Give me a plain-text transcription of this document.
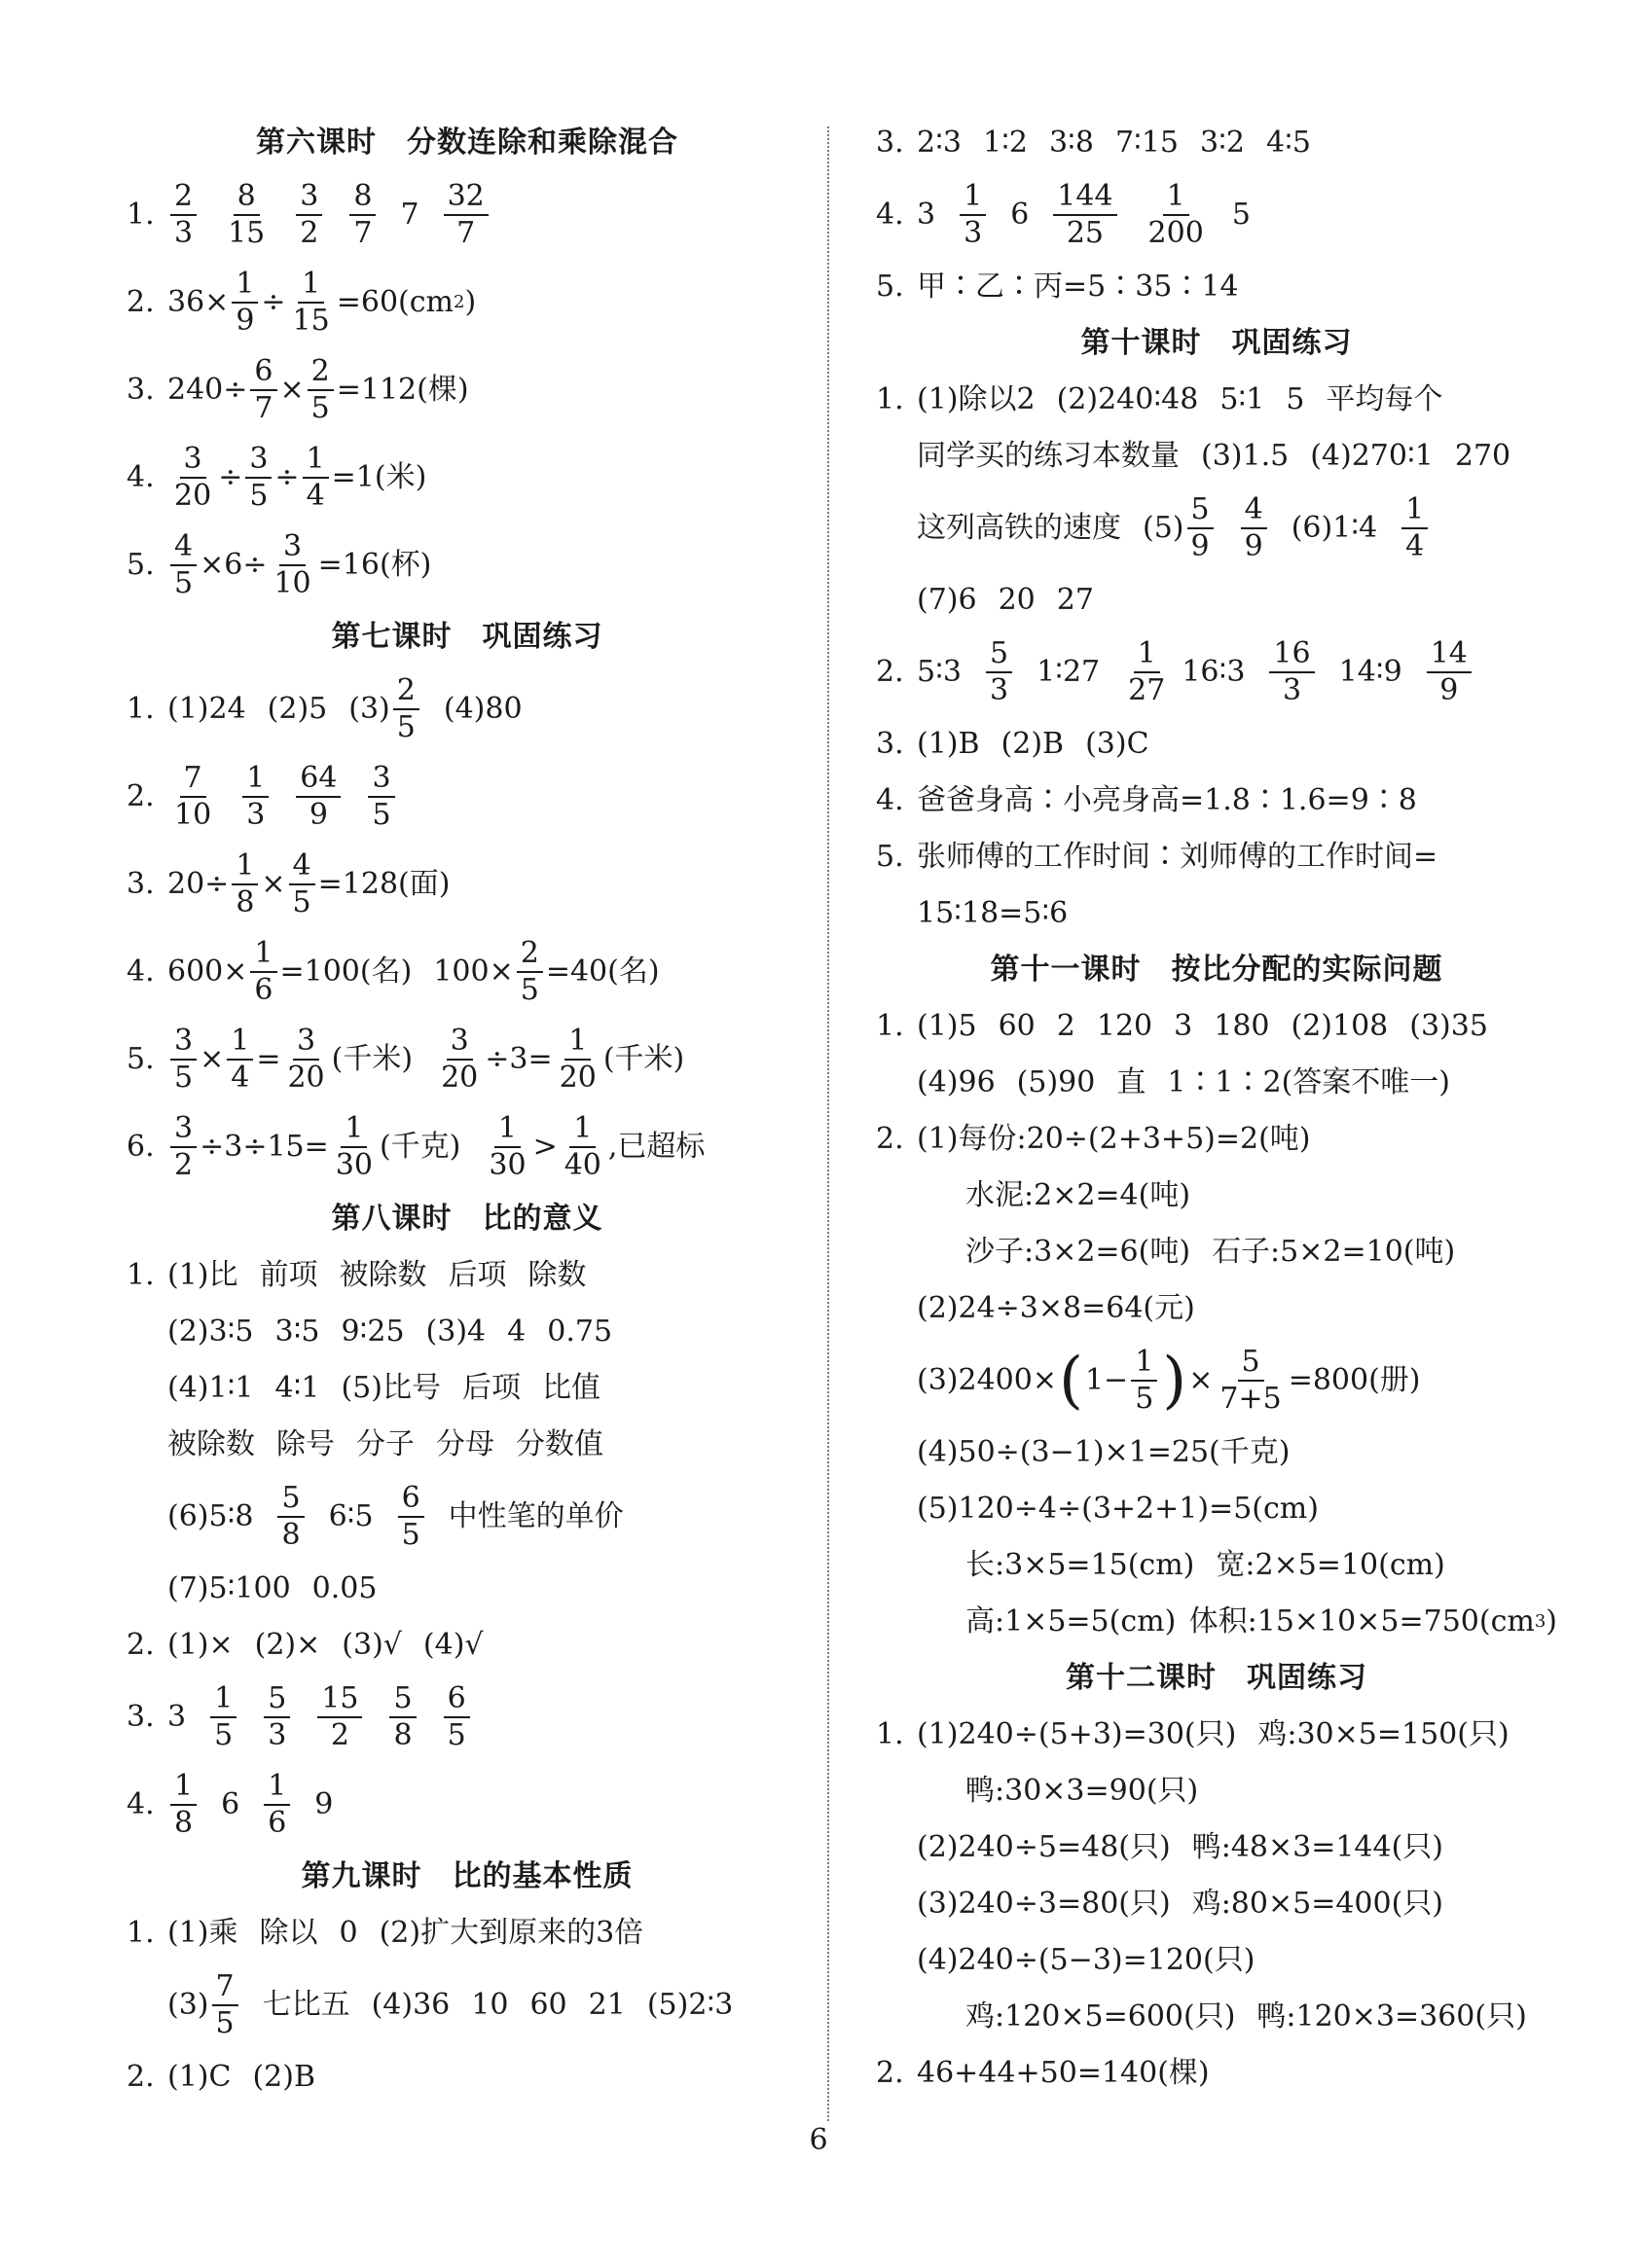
第六课时　分数连除和乘除混合
1. $\frac{2}{3} \frac{8}{15} \frac{3}{2} \frac{8}{7} 7 \frac{32}{7}$
2. $36\times \frac{1}{9} \div \frac{1}{15} =60(cm$ 2 )
3. $240\div \frac{6}{7} \times \frac{2}{5} =112$(棵)
4. $\frac{3}{20} \div \frac{3}{5} \div \frac{1}{4} =1$(米)
5. $\frac{4}{5} \times 6\div \frac{3}{10} =16$(杯)
第七课时　巩固练习
1. (1)24 (2)5 $(3) \frac{2}{5} (4)80$
2. $\frac{7}{10} \frac{1}{3} \frac{64}{9} \frac{3}{5}$
3. $20\div \frac{1}{8} \times \frac{4}{5} =128$(面)
4. $600\times \frac{1}{6} =100$(名) $100\times \frac{2}{5} =40$(名)
5. $\frac{3}{5} \times \frac{1}{4} = \frac{3}{20}$ (千米) $\frac{3}{20} \div 3= \frac{1}{20}$ (千米)
6. $\frac{3}{2} \div 3\div 15= \frac{1}{30}$ (千克) $\frac{1}{30} > \frac{1}{40}$ ,已超标
第八课时　比的意义
1. (1)比 前项 被除数 后项 除数
(2)3∶5 3∶5 9∶25 (3)4 4 0.75
(4)1∶1 4∶1 (5)比号 后项 比值
被除数 除号 分子 分母 分数值
(6)5∶8 $\frac{5}{8}$ 6∶5 $\frac{6}{5}$ 中性笔的单价
(7)5∶100 0.05
2. (1)× (2)× (3)√ (4)√
3. $3 \frac{1}{5} \frac{5}{3} \frac{15}{2} \frac{5}{8} \frac{6}{5}$
4. $\frac{1}{8} 6 \frac{1}{6} 9$
第九课时　比的基本性质
1. (1)乘 除以 0 (2)扩大到原来的3倍
$(3) \frac{7}{5}$ 七比五 (4)36 10 60 21 (5)2∶3
2. (1)C (2)B
3. 2∶3 1∶2 3∶8 7∶15 3∶2 4∶5
4. $3 \frac{1}{3} 6 \frac{144}{25} \frac{1}{200} 5$
5. 甲∶乙∶丙=5∶35∶14
第十课时　巩固练习
1. (1)除以2 (2)240∶48 5∶1 5 平均每个
同学买的练习本数量 (3)1.5 (4)270∶1 270
这列高铁的速度 $(5) \frac{5}{9} \frac{4}{9}$ (6)1∶4 $\frac{1}{4}$
(7)6 20 27
2. 5∶3 $\frac{5}{3}$ 1∶27 $\frac{1}{27}$ 16∶3 $\frac{16}{3}$ 14∶9 $\frac{14}{9}$
3. (1)B (2)B (3)C
4. 爸爸身高∶小亮身高=1.8∶1.6=9∶8
5. 张师傅的工作时间∶刘师傅的工作时间=
15∶18=5∶6
第十一课时　按比分配的实际问题
1. (1)5 60 2 120 3 180 (2)108 (3)35
(4)96 (5)90 直 1∶1∶2(答案不唯一)
2. (1)每份:20÷(2+3+5)=2(吨)
水泥:2×2=4(吨)
沙子:3×2=6(吨) 石子:5×2=10(吨)
(2)24÷3×8=64(元)
(3)2400× ( $1- \frac{1}{5}$ ) × $\frac{5}{7+5} =800$(册)
(4)50÷(3−1)×1=25(千克)
(5)120÷4÷(3+2+1)=5(cm)
长:3×5=15(cm) 宽:2×5=10(cm)
高:1×5=5(cm) 体积:15×10×5=750(cm 3 )
第十二课时　巩固练习
1. (1)240÷(5+3)=30(只) 鸡:30×5=150(只)
鸭:30×3=90(只)
(2)240÷5=48(只) 鸭:48×3=144(只)
(3)240÷3=80(只) 鸡:80×5=400(只)
(4)240÷(5−3)=120(只)
鸡:120×5=600(只) 鸭:120×3=360(只)
2. 46+44+50=140(棵)
6
